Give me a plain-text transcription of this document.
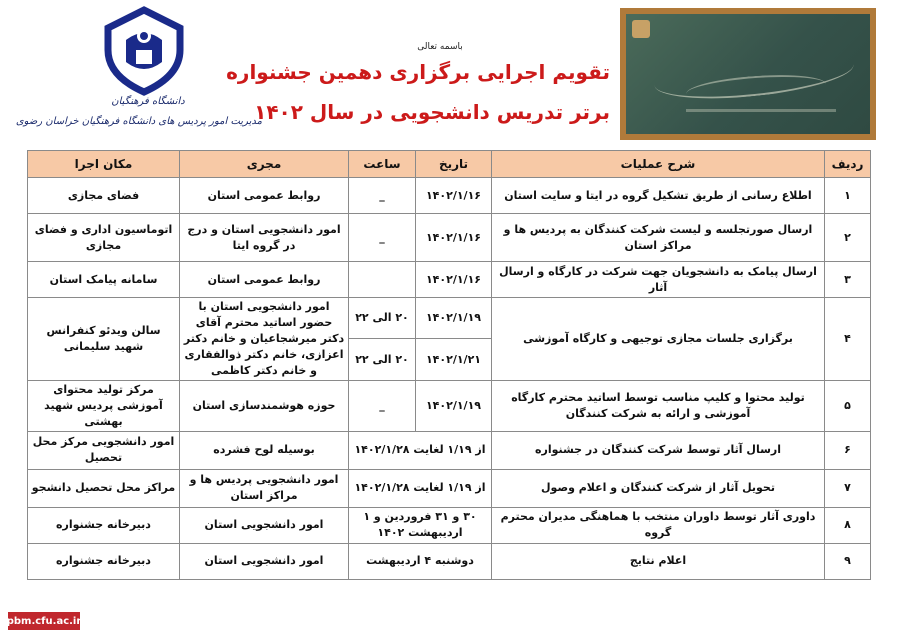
باسمه تعالی
تقویم اجرایی برگزاری دهمین جشنواره
برتر تدریس دانشجویی در سال ۱۴۰۲
دانشگاه فرهنگیان
مدیریت امور پردیس های دانشگاه فرهنگیان خراسان رضوی
ردیف	شرح عملیات	تاریخ	ساعت	مجری	مکان اجرا
۱	اطلاع رسانی از طریق تشکیل گروه در ایتا و سایت استان	۱۴۰۲/۱/۱۶	_	روابط عمومی استان	فضای مجازی
۲	ارسال صورتجلسه و لیست شرکت کنندگان به پردیس ها و مراکز استان	۱۴۰۲/۱/۱۶	_	امور دانشجویی استان و درج در گروه ایتا	اتوماسیون اداری و فضای مجازی
۳	ارسال پیامک به دانشجویان جهت شرکت در کارگاه و ارسال آثار	۱۴۰۲/۱/۱۶		روابط عمومی استان	سامانه پیامک استان
۴	برگزاری جلسات مجازی توجیهی و کارگاه آموزشی	۱۴۰۲/۱/۱۹	۲۰ الی ۲۲	امور دانشجویی استان با حضور اساتید محترم آقای دکتر میرشجاعیان و خانم دکتر اعزازی، خانم دکتر ذوالفقاری و خانم دکتر کاظمی	سالن ویدئو کنفرانس شهید سلیمانی
		۱۴۰۲/۱/۲۱	۲۰ الی ۲۲		
۵	تولید محتوا و کلیپ مناسب توسط اساتید محترم کارگاه آموزشی و ارائه به شرکت کنندگان	۱۴۰۲/۱/۱۹	_	حوزه هوشمندسازی استان	مرکز تولید محتوای آموزشی پردیس شهید بهشتی
۶	ارسال آثار توسط شرکت کنندگان در جشنواره	از ۱/۱۹ لغایت ۱۴۰۲/۱/۲۸		بوسیله لوح فشرده	امور دانشجویی مرکز محل تحصیل
۷	تحویل آثار از شرکت کنندگان و اعلام وصول	از ۱/۱۹ لغایت ۱۴۰۲/۱/۲۸		امور دانشجویی پردیس ها و مراکز استان	مراکز محل تحصیل دانشجو
۸	داوری آثار توسط داوران منتخب با هماهنگی مدیران محترم گروه	۳۰ و ۳۱ فروردین و ۱ اردیبهشت ۱۴۰۲		امور دانشجویی استان	دبیرخانه جشنواره
۹	اعلام نتایج	دوشنبه ۴ اردیبهشت		امور دانشجویی استان	دبیرخانه جشنواره
pbm.cfu.ac.ir
